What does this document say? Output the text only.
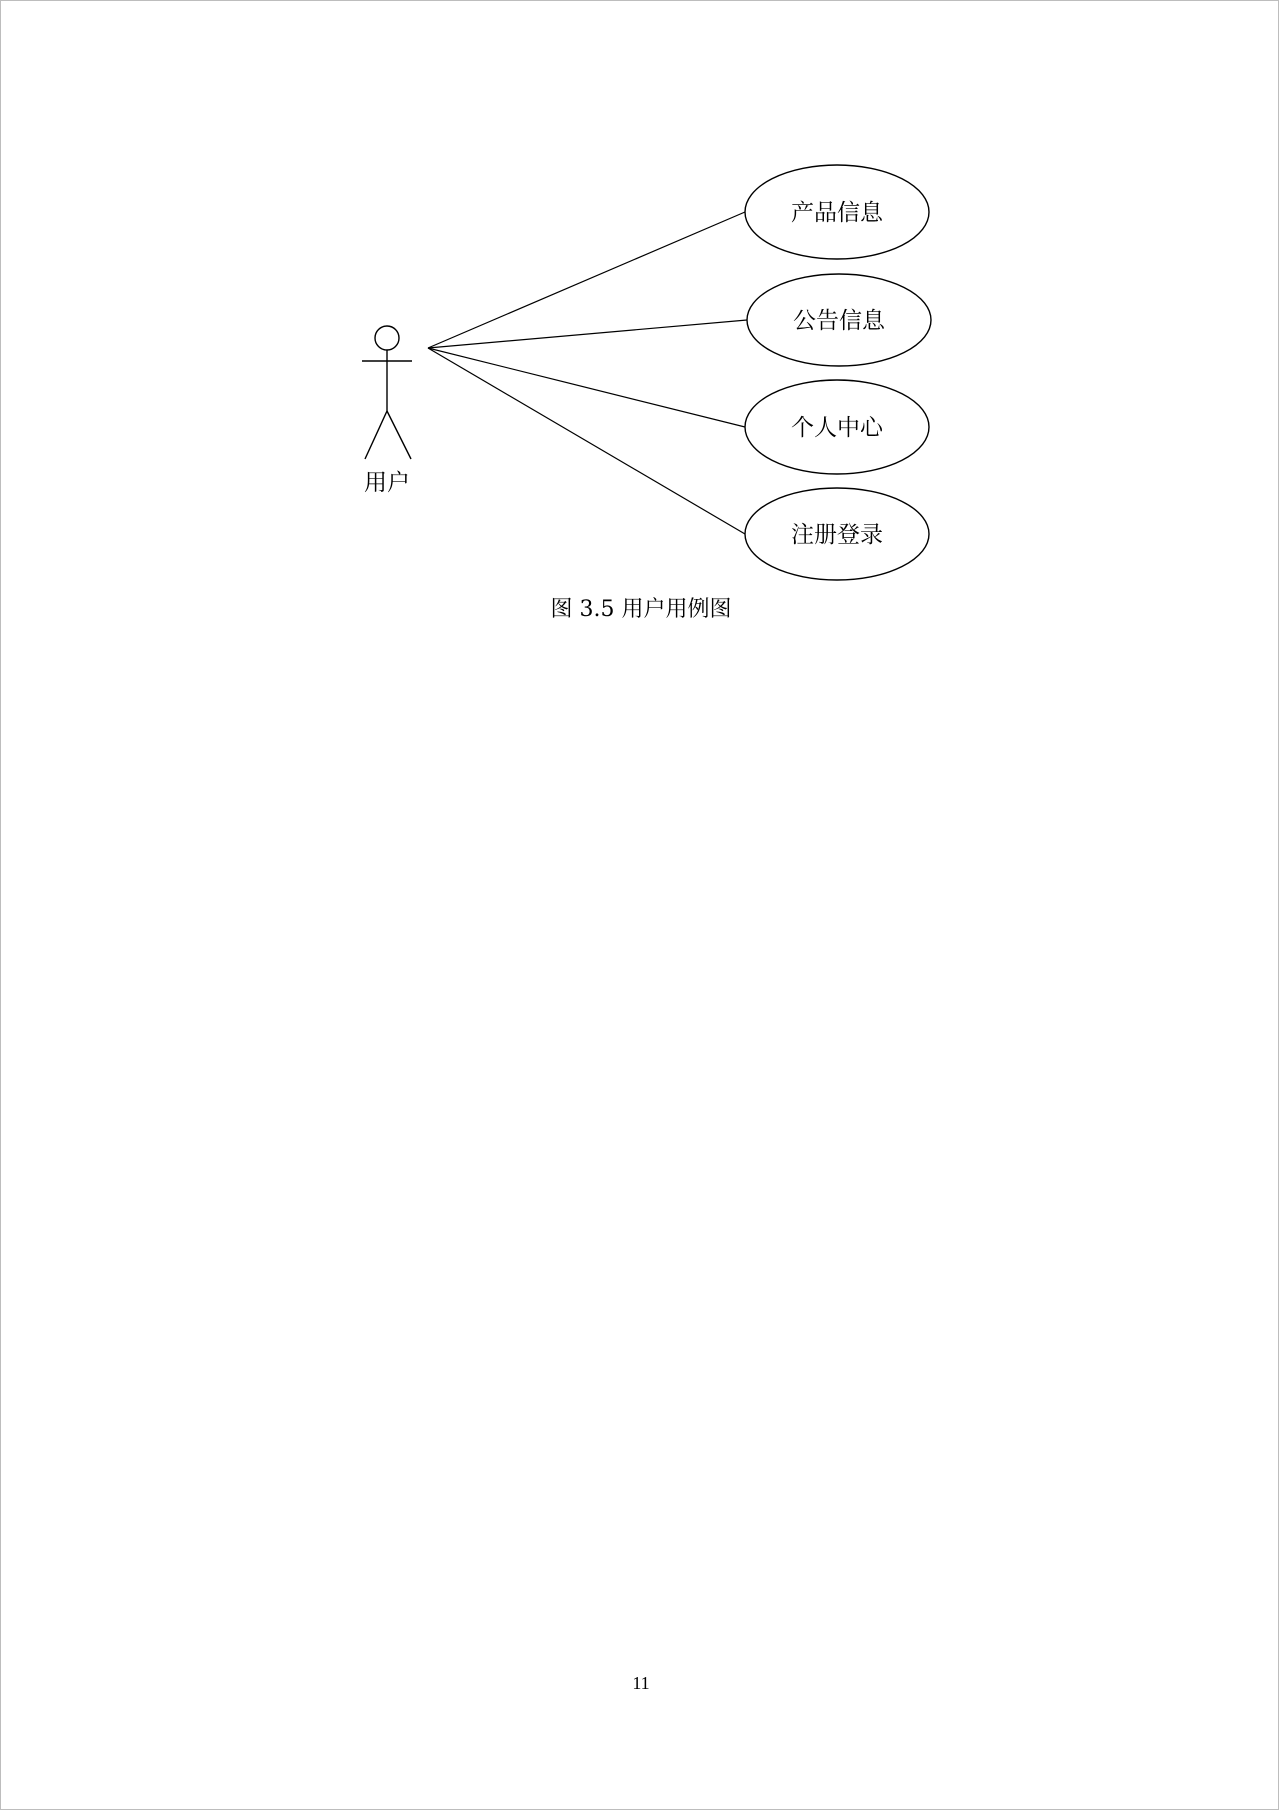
用户
产品信息
公告信息
个人中心
注册登录
图 3.5 用户用例图
11
